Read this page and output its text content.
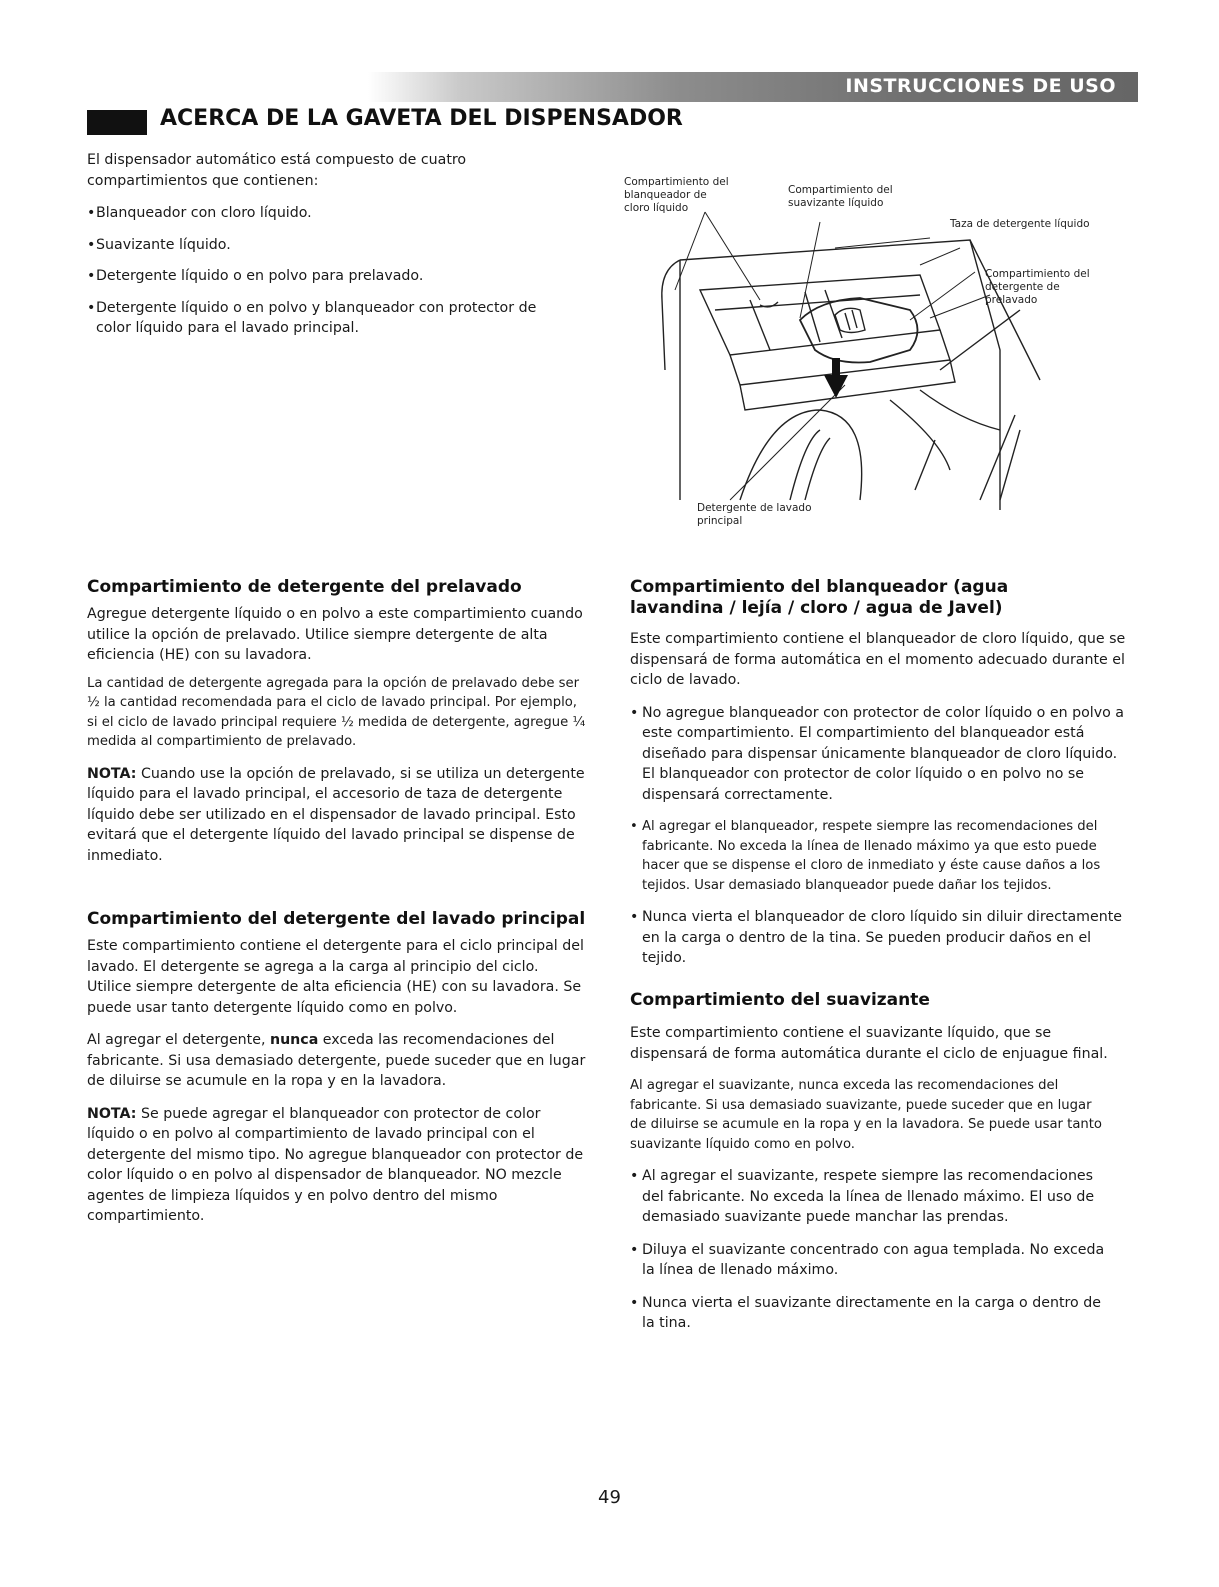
INSTRUCCIONES DE USO
ACERCA DE LA GAVETA DEL DISPENSADOR

El dispensador automático está compuesto de cuatro compartimientos que contienen:

• Blanqueador con cloro líquido.
• Suavizante líquido.
• Detergente líquido o en polvo para prelavado.
• Detergente líquido o en polvo y blanqueador con protector de color líquido para el lavado principal.
Compartimiento del blanqueador de cloro líquido
Compartimiento del suavizante líquido
Taza de detergente líquido
Compartimiento del detergente de prelavado
Detergente de lavado principal
Compartimiento de detergente del prelavado

Agregue detergente líquido o en polvo a este compartimiento cuando utilice la opción de prelavado. Utilice siempre detergente de alta eficiencia (HE) con su lavadora.

La cantidad de detergente agregada para la opción de prelavado debe ser ½ la cantidad recomendada para el ciclo de lavado principal. Por ejemplo, si el ciclo de lavado principal requiere ½ medida de detergente, agregue ¼ medida al compartimiento de prelavado.

NOTA: Cuando use la opción de prelavado, si se utiliza un detergente líquido para el lavado principal, el accesorio de taza de detergente líquido debe ser utilizado en el dispensador de lavado principal. Esto evitará que el detergente líquido del lavado principal se dispense de inmediato.

Compartimiento del detergente del lavado principal

Este compartimiento contiene el detergente para el ciclo principal del lavado. El detergente se agrega a la carga al principio del ciclo. Utilice siempre detergente de alta eficiencia (HE) con su lavadora. Se puede usar tanto detergente líquido como en polvo.

Al agregar el detergente, nunca exceda las recomendaciones del fabricante. Si usa demasiado detergente, puede suceder que en lugar de diluirse se acumule en la ropa y en la lavadora.

NOTA: Se puede agregar el blanqueador con protector de color líquido o en polvo al compartimiento de lavado principal con el detergente del mismo tipo. No agregue blanqueador con protector de color líquido o en polvo al dispensador de blanqueador. NO mezcle agentes de limpieza líquidos y en polvo dentro del mismo compartimiento.

Compartimiento del blanqueador (agua lavandina / lejía / cloro / agua de Javel)

Este compartimiento contiene el blanqueador de cloro líquido, que se dispensará de forma automática en el momento adecuado durante el ciclo de lavado.

• No agregue blanqueador con protector de color líquido o en polvo a este compartimiento. El compartimiento del blanqueador está diseñado para dispensar únicamente blanqueador de cloro líquido. El blanqueador con protector de color líquido o en polvo no se dispensará correctamente.
• Al agregar el blanqueador, respete siempre las recomendaciones del fabricante. No exceda la línea de llenado máximo ya que esto puede hacer que se dispense el cloro de inmediato y éste cause daños a los tejidos. Usar demasiado blanqueador puede dañar los tejidos.
• Nunca vierta el blanqueador de cloro líquido sin diluir directamente en la carga o dentro de la tina. Se pueden producir daños en el tejido.
Compartimiento del suavizante

Este compartimiento contiene el suavizante líquido, que se dispensará de forma automática durante el ciclo de enjuague final.

Al agregar el suavizante, nunca exceda las recomendaciones del fabricante. Si usa demasiado suavizante, puede suceder que en lugar de diluirse se acumule en la ropa y en la lavadora. Se puede usar tanto suavizante líquido como en polvo.

• Al agregar el suavizante, respete siempre las recomendaciones del fabricante. No exceda la línea de llenado máximo. El uso de demasiado suavizante puede manchar las prendas.
• Diluya el suavizante concentrado con agua templada. No exceda la línea de llenado máximo.
• Nunca vierta el suavizante directamente en la carga o dentro de la tina.
49
